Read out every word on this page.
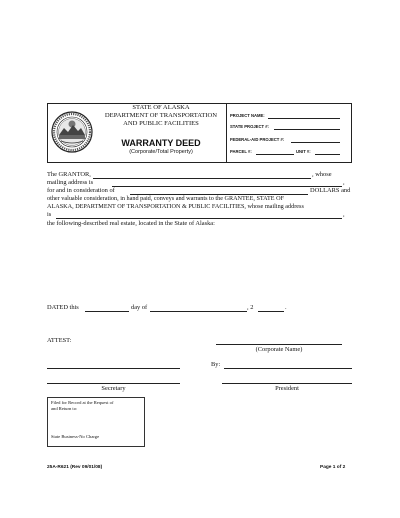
STATE OF ALASKA
DEPARTMENT OF TRANSPORTATION
AND PUBLIC FACILITIES
WARRANTY DEED
(Corporate/Total Property)
PROJECT NAME:
STATE PROJECT #:
FEDERAL-AID PROJECT #:
PARCEL #:	UNIT #:
The GRANTOR,	, whose
mailing address is	,
for and in consideration of	DOLLARS and
other valuable consideration, in hand paid, conveys and warrants to the GRANTEE, STATE OF
ALASKA, DEPARTMENT OF TRANSPORTATION & PUBLIC FACILITIES, whose mailing address
is	,
the following-described real estate, located in the State of Alaska:
DATED this	day of	, 2	.
ATTEST:
(Corporate Name)
By:
Secretary	President
Filed for Record at the Request of
and Return to:
State Business-No Charge
25A-R621 (Rev 09/01/08)	Page 1 of 2
